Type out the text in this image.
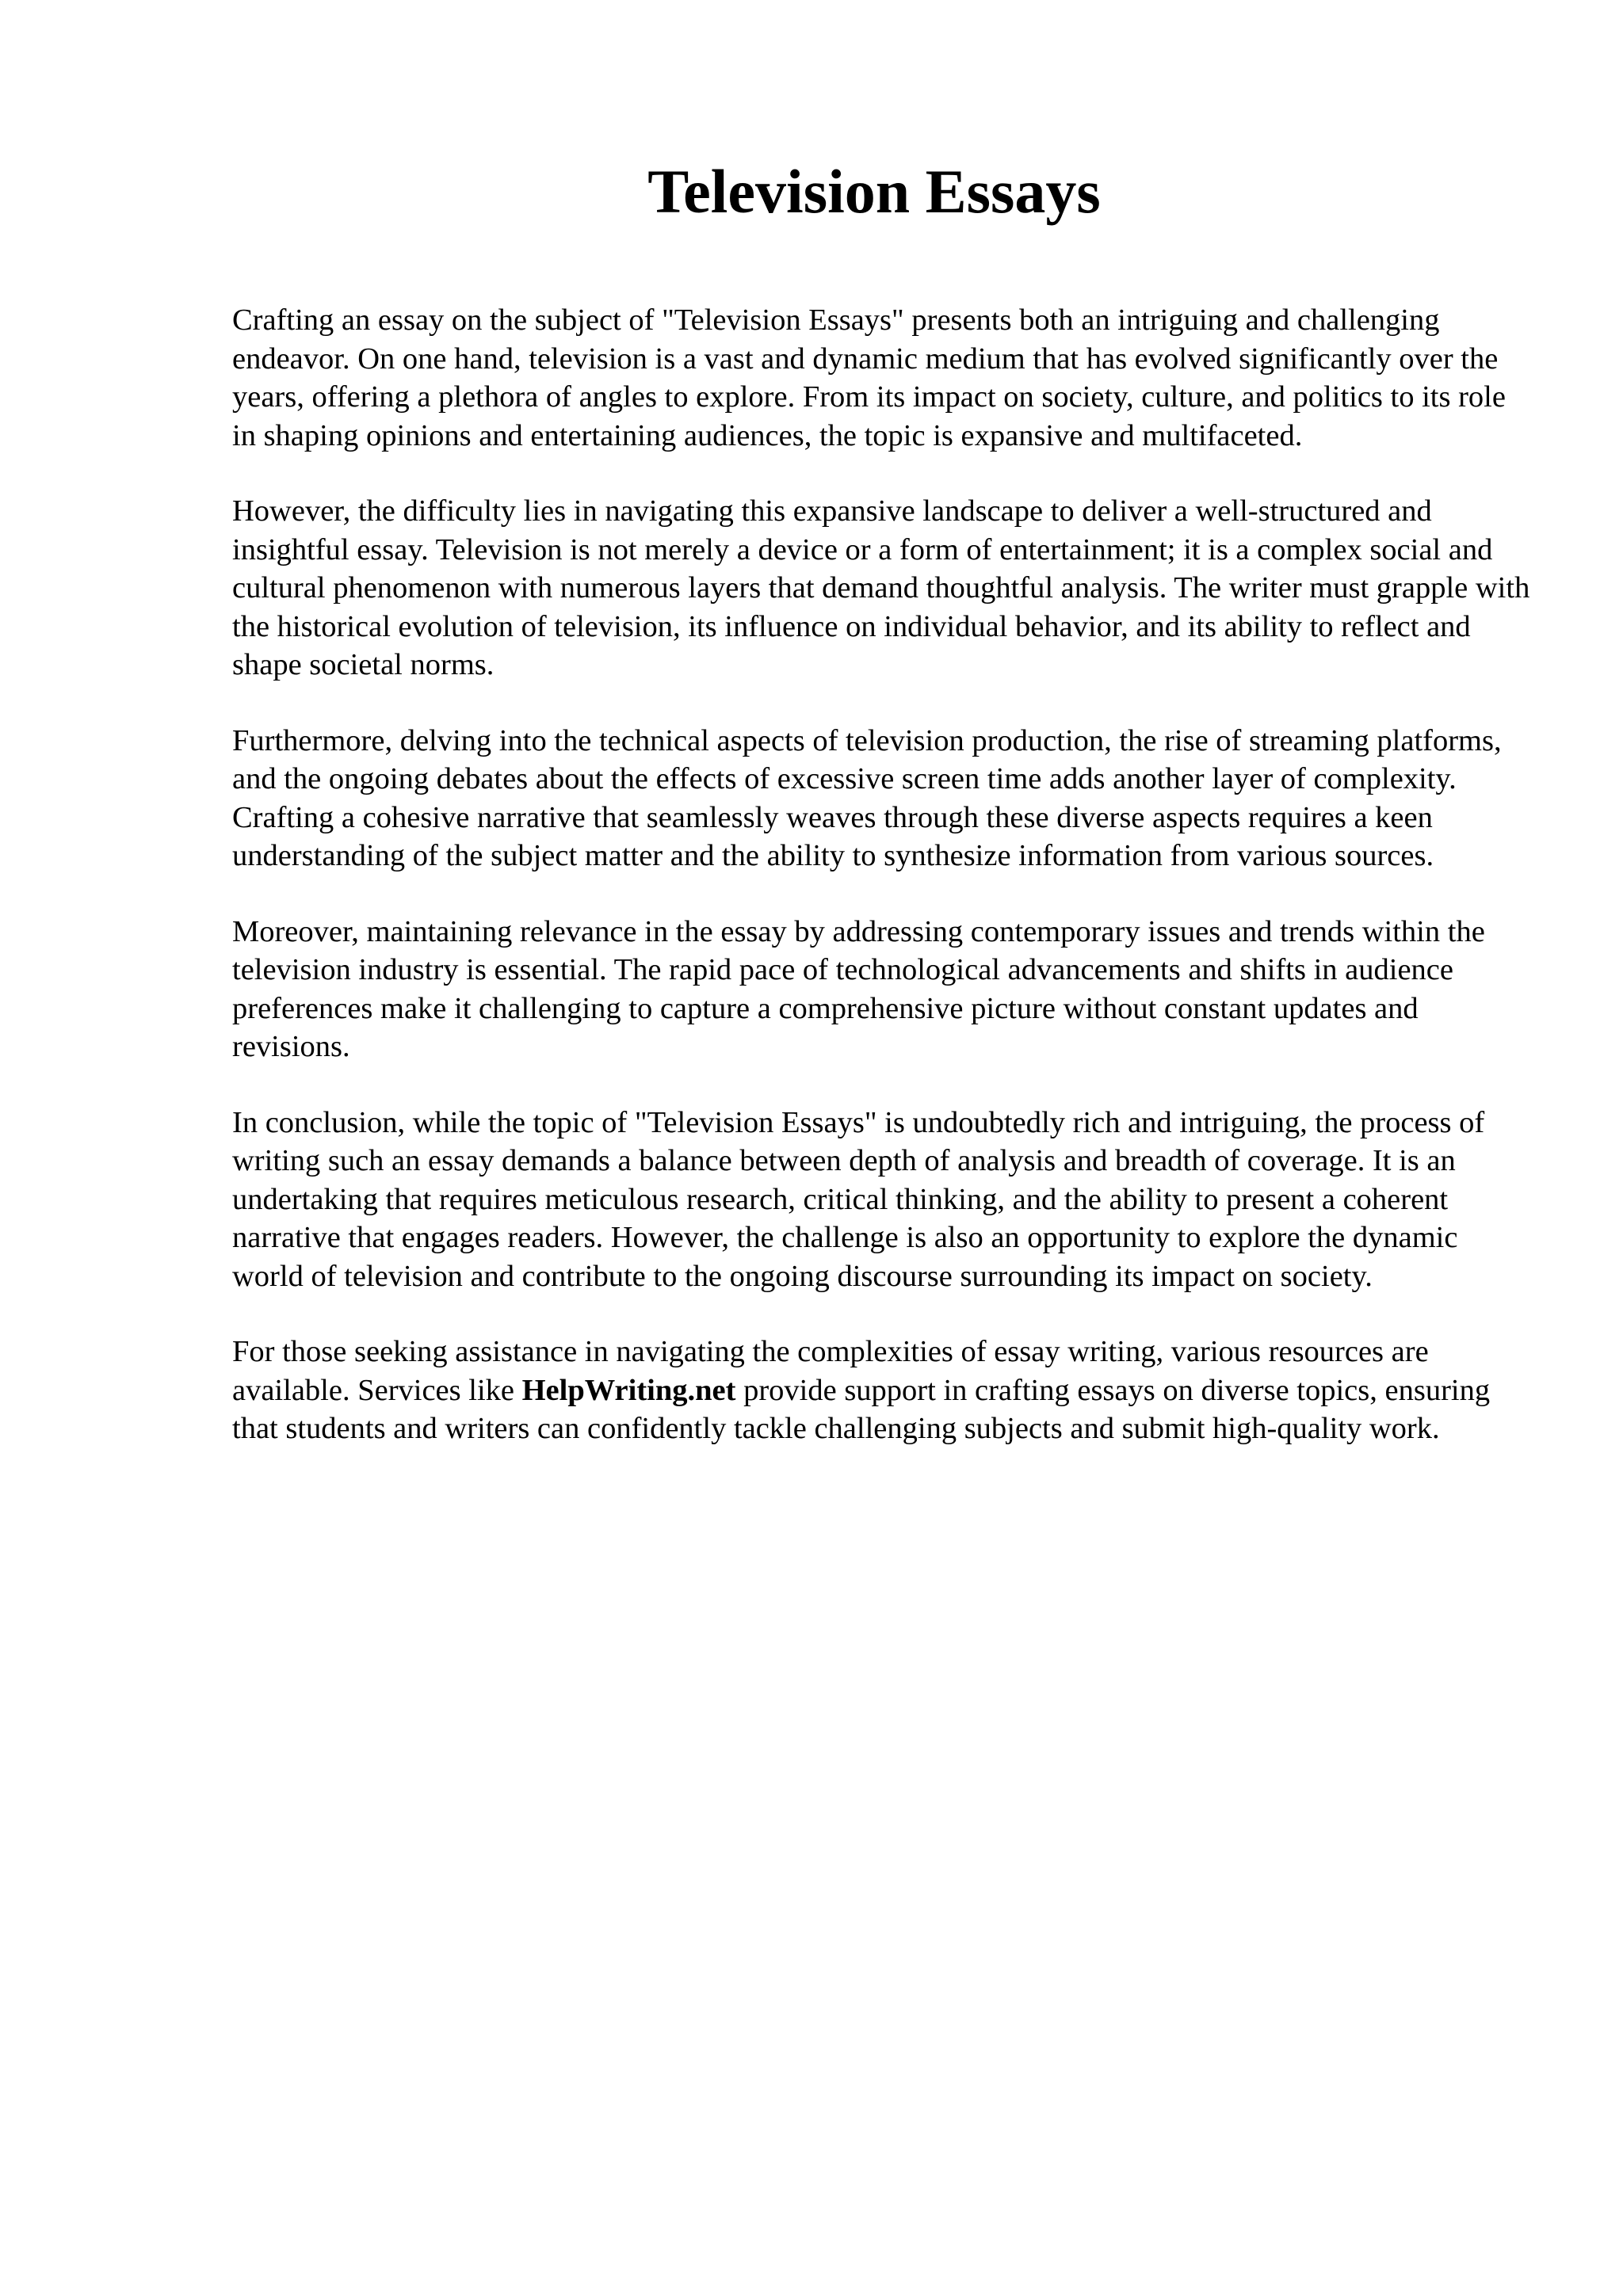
Television Essays

Crafting an essay on the subject of "Television Essays" presents both an intriguing and challenging endeavor. On one hand, television is a vast and dynamic medium that has evolved significantly over the years, offering a plethora of angles to explore. From its impact on society, culture, and politics to its role in shaping opinions and entertaining audiences, the topic is expansive and multifaceted.

However, the difficulty lies in navigating this expansive landscape to deliver a well-structured and insightful essay. Television is not merely a device or a form of entertainment; it is a complex social and cultural phenomenon with numerous layers that demand thoughtful analysis. The writer must grapple with the historical evolution of television, its influence on individual behavior, and its ability to reflect and shape societal norms.

Furthermore, delving into the technical aspects of television production, the rise of streaming platforms, and the ongoing debates about the effects of excessive screen time adds another layer of complexity. Crafting a cohesive narrative that seamlessly weaves through these diverse aspects requires a keen understanding of the subject matter and the ability to synthesize information from various sources.

Moreover, maintaining relevance in the essay by addressing contemporary issues and trends within the television industry is essential. The rapid pace of technological advancements and shifts in audience preferences make it challenging to capture a comprehensive picture without constant updates and revisions.

In conclusion, while the topic of "Television Essays" is undoubtedly rich and intriguing, the process of writing such an essay demands a balance between depth of analysis and breadth of coverage. It is an undertaking that requires meticulous research, critical thinking, and the ability to present a coherent narrative that engages readers. However, the challenge is also an opportunity to explore the dynamic world of television and contribute to the ongoing discourse surrounding its impact on society.

For those seeking assistance in navigating the complexities of essay writing, various resources are available. Services like HelpWriting.net provide support in crafting essays on diverse topics, ensuring that students and writers can confidently tackle challenging subjects and submit high-quality work.
